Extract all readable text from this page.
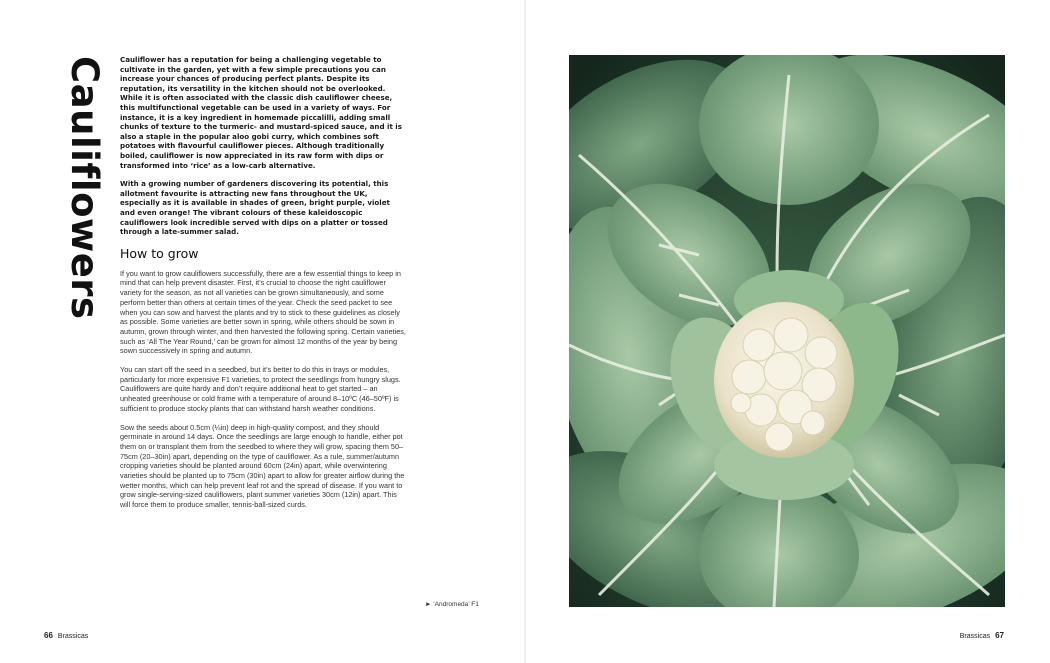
Cauliflowers Cauliflower has a reputation for being a challenging vegetable to cultivate in the garden, yet with a few simple precautions you can increase your chances of producing perfect plants. Despite its reputation, its versatility in the kitchen should not be overlooked. While it is often associated with the classic dish cauliflower cheese, this multifunctional vegetable can be used in a variety of ways. For instance, it is a key ingredient in homemade piccalilli, adding small chunks of texture to the turmeric- and mustard-spiced sauce, and it is also a staple in the popular aloo gobi curry, which combines soft potatoes with flavourful cauliflower pieces. Although traditionally boiled, cauliflower is now appreciated in its raw form with dips or transformed into ‘rice’ as a low-carb alternative.

With a growing number of gardeners discovering its potential, this allotment favourite is attracting new fans throughout the UK, especially as it is available in shades of green, bright purple, violet and even orange! The vibrant colours of these kaleidoscopic cauliflowers look incredible served with dips on a platter or tossed through a late-summer salad.

How to grow

If you want to grow cauliflowers successfully, there are a few essential things to keep in mind that can help prevent disaster. First, it’s crucial to choose the right cauliflower variety for the season, as not all varieties can be grown simultaneously, and some perform better than others at certain times of the year. Check the seed packet to see when you can sow and harvest the plants and try to stick to these guidelines as closely as possible. Some varieties are better sown in spring, while others should be sown in autumn, grown through winter, and then harvested the following spring. Certain varieties, such as ‘All The Year Round,’ can be grown for almost 12 months of the year by being sown successively in spring and autumn.

You can start off the seed in a seedbed, but it’s better to do this in trays or modules, particularly for more expensive F1 varieties, to protect the seedlings from hungry slugs. Cauliflowers are quite hardy and don’t require additional heat to get started – an unheated greenhouse or cold frame with a temperature of around 8–10ºC (46–50ºF) is sufficient to produce stocky plants that can withstand harsh weather conditions.

Sow the seeds about 0.5cm (¼in) deep in high-quality compost, and they should germinate in around 14 days. Once the seedlings are large enough to handle, either pot them on or transplant them from the seedbed to where they will grow, spacing them 50–75cm (20–30in) apart, depending on the type of cauliflower. As a rule, summer/autumn cropping varieties should be planted around 60cm (24in) apart, while overwintering varieties should be planted up to 75cm (30in) apart to allow for greater airflow during the wetter months, which can help prevent leaf rot and the spread of disease. If you want to grow single-serving-sized cauliflowers, plant summer varieties 30cm (12in) apart. This will force them to produce smaller, tennis-ball-sized curds.

► ‘Andromeda’ F1
66 Brassicas	Brassicas 67
